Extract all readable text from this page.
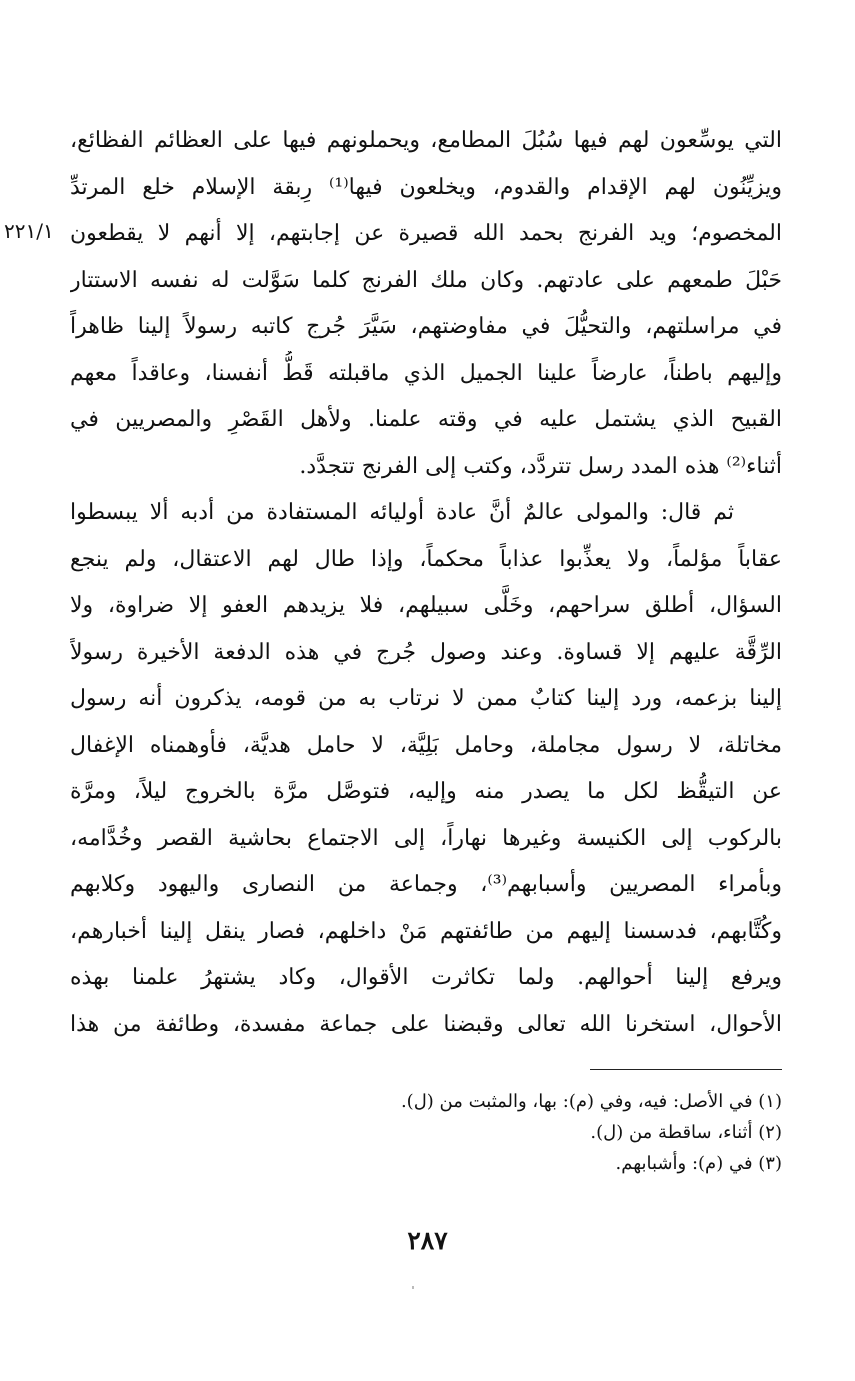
٢٢١/١
التي يوسِّعون لهم فيها سُبُلَ المطامع، ويحملونهم فيها على العظائم الفظائع،
ويزيِّنُون لهم الإقدام والقدوم، ويخلعون فيها⁽¹⁾ رِبقة الإسلام خلع المرتدِّ
المخصوم؛ ويد الفرنج بحمد الله قصيرة عن إجابتهم، إلا أنهم لا يقطعون
حَبْلَ طمعهم على عادتهم. وكان ملك الفرنج كلما سَوَّلت له نفسه الاستتار
في مراسلتهم، والتحيُّلَ في مفاوضتهم، سَيَّرَ جُرج كاتبه رسولاً إلينا ظاهراً
وإليهم باطناً، عارضاً علينا الجميل الذي ماقبلته قَطُّ أنفسنا، وعاقداً معهم
القبيح الذي يشتمل عليه في وقته علمنا. ولأهل القَصْرِ والمصريين في
أثناء⁽²⁾ هذه المدد رسل تتردَّد، وكتب إلى الفرنج تتجدَّد.
ثم قال: والمولى عالمٌ أنَّ عادة أوليائه المستفادة من أدبه ألا يبسطوا
عقاباً مؤلماً، ولا يعذِّبوا عذاباً محكماً، وإذا طال لهم الاعتقال، ولم ينجع
السؤال، أطلق سراحهم، وخَلَّى سبيلهم، فلا يزيدهم العفو إلا ضراوة، ولا
الرِّقَّة عليهم إلا قساوة. وعند وصول جُرج في هذه الدفعة الأخيرة رسولاً
إلينا بزعمه، ورد إلينا كتابٌ ممن لا نرتاب به من قومه، يذكرون أنه رسول
مخاتلة، لا رسول مجاملة، وحامل بَلِيَّة، لا حامل هديَّة، فأوهمناه الإغفال
عن التيقُّظ لكل ما يصدر منه وإليه، فتوصَّل مرَّة بالخروج ليلاً، ومرَّة
بالركوب إلى الكنيسة وغيرها نهاراً، إلى الاجتماع بحاشية القصر وخُدَّامه،
وبأمراء المصريين وأسبابهم⁽³⁾، وجماعة من النصارى واليهود وكلابهم
وكُتَّابهم، فدسسنا إليهم من طائفتهم مَنْ داخلهم، فصار ينقل إلينا أخبارهم،
ويرفع إلينا أحوالهم. ولما تكاثرت الأقوال، وكاد يشتهرُ علمنا بهذه
الأحوال، استخرنا الله تعالى وقبضنا على جماعة مفسدة، وطائفة من هذا
(١) في الأصل: فيه، وفي (م): بها، والمثبت من (ل).
(٢) أثناء، ساقطة من (ل).
(٣) في (م): وأشبابهم.
٢٨٧
